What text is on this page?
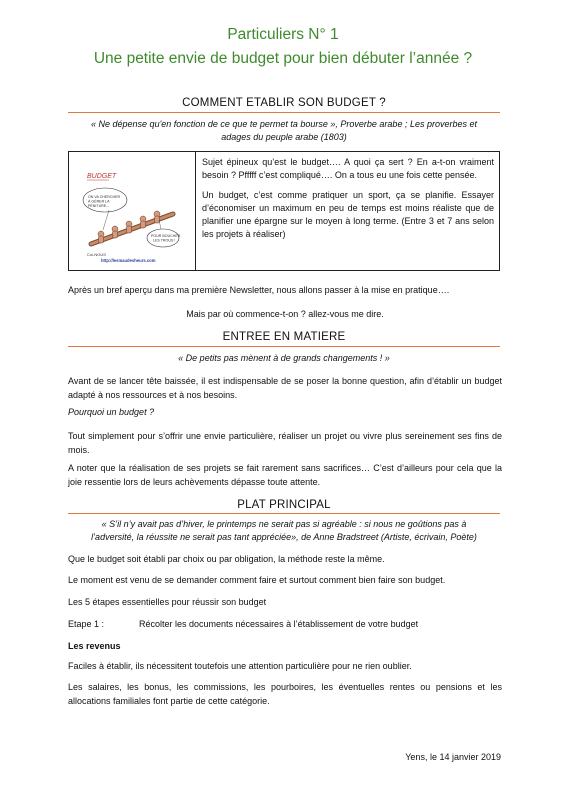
Particuliers N° 1
Une petite envie de budget pour bien débuter l’année ?
COMMENT ETABLIR SON BUDGET ?
« Ne dépense qu'en fonction de ce que te permet ta bourse », Proverbe arabe ; Les proverbes et
adages du peuple arabe (1803)
BUDGET
ON VA CHERCHER À GÉRER LA PÉNITURE...
POUR BOUCHER LES TROUS !
Coi-NOUS
http://lesmaudesheurs.com

Sujet épineux qu’est le budget…. A quoi ça sert ? En a-t-on vraiment besoin ? Pfffff c’est compliqué…. On a tous eu une fois cette pensée.

Un budget, c’est comme pratiquer un sport, ça se planifie. Essayer d’économiser un maximum en peu de temps est moins réaliste que de planifier une épargne sur le moyen à long terme. (Entre 3 et 7 ans selon les projets à réaliser)

Après un bref aperçu dans ma première Newsletter, nous allons passer à la mise en pratique….
Mais par où commence-t-on ? allez-vous me dire.
ENTREE EN MATIERE
« De petits pas mènent à de grands changements ! »
Avant de se lancer tête baissée, il est indispensable de se poser la bonne question, afin d’établir un budget adapté à nos ressources et à nos besoins.
Pourquoi un budget ?
Tout simplement pour s’offrir une envie particulière, réaliser un projet ou vivre plus sereinement ses fins de mois.
A noter que la réalisation de ses projets se fait rarement sans sacrifices… C’est d’ailleurs pour cela que la joie ressentie lors de leurs achèvements dépasse toute attente.
PLAT PRINCIPAL
« S’il n’y avait pas d’hiver, le printemps ne serait pas si agréable : si nous ne goûtions pas à
l’adversité, la réussite ne serait pas tant appréciée», de Anne Bradstreet (Artiste, écrivain, Poète)
Que le budget soit établi par choix ou par obligation, la méthode reste la même.
Le moment est venu de se demander comment faire et surtout comment bien faire son budget.
Les 5 étapes essentielles pour réussir son budget
Etape 1 :	Récolter les documents nécessaires à l’établissement de votre budget
Les revenus
Faciles à établir, ils nécessitent toutefois une attention particulière pour ne rien oublier.
Les salaires, les bonus, les commissions, les pourboires, les éventuelles rentes ou pensions et les allocations familiales font partie de cette catégorie.
Yens, le 14 janvier 2019
